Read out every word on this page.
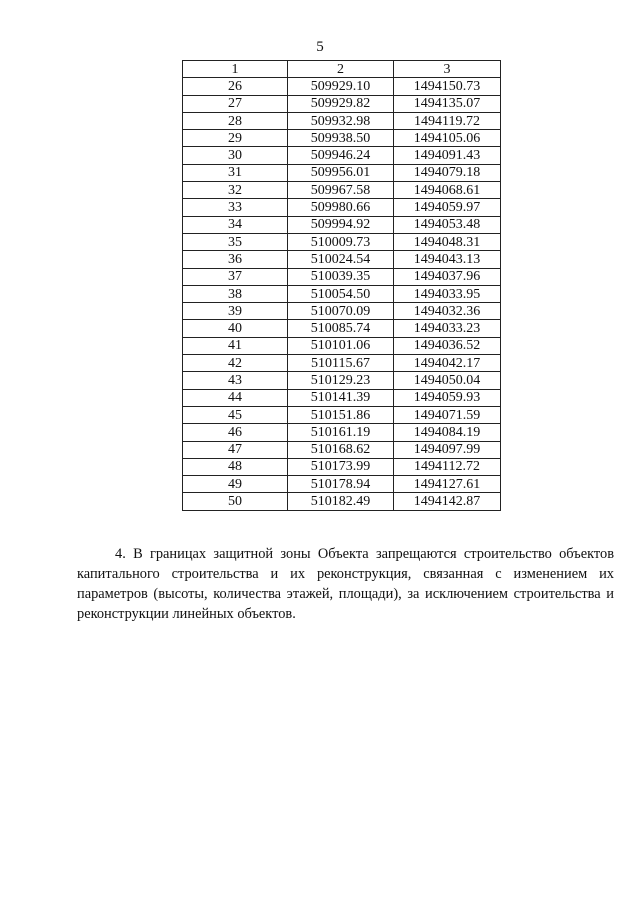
5
1	2	3
26	509929.10	1494150.73
27	509929.82	1494135.07
28	509932.98	1494119.72
29	509938.50	1494105.06
30	509946.24	1494091.43
31	509956.01	1494079.18
32	509967.58	1494068.61
33	509980.66	1494059.97
34	509994.92	1494053.48
35	510009.73	1494048.31
36	510024.54	1494043.13
37	510039.35	1494037.96
38	510054.50	1494033.95
39	510070.09	1494032.36
40	510085.74	1494033.23
41	510101.06	1494036.52
42	510115.67	1494042.17
43	510129.23	1494050.04
44	510141.39	1494059.93
45	510151.86	1494071.59
46	510161.19	1494084.19
47	510168.62	1494097.99
48	510173.99	1494112.72
49	510178.94	1494127.61
50	510182.49	1494142.87

4. В границах защитной зоны Объекта запрещаются строительство объектов капитального строительства и их реконструкция, связанная с изменением их параметров (высоты, количества этажей, площади), за исключением строительства и реконструкции линейных объектов.
